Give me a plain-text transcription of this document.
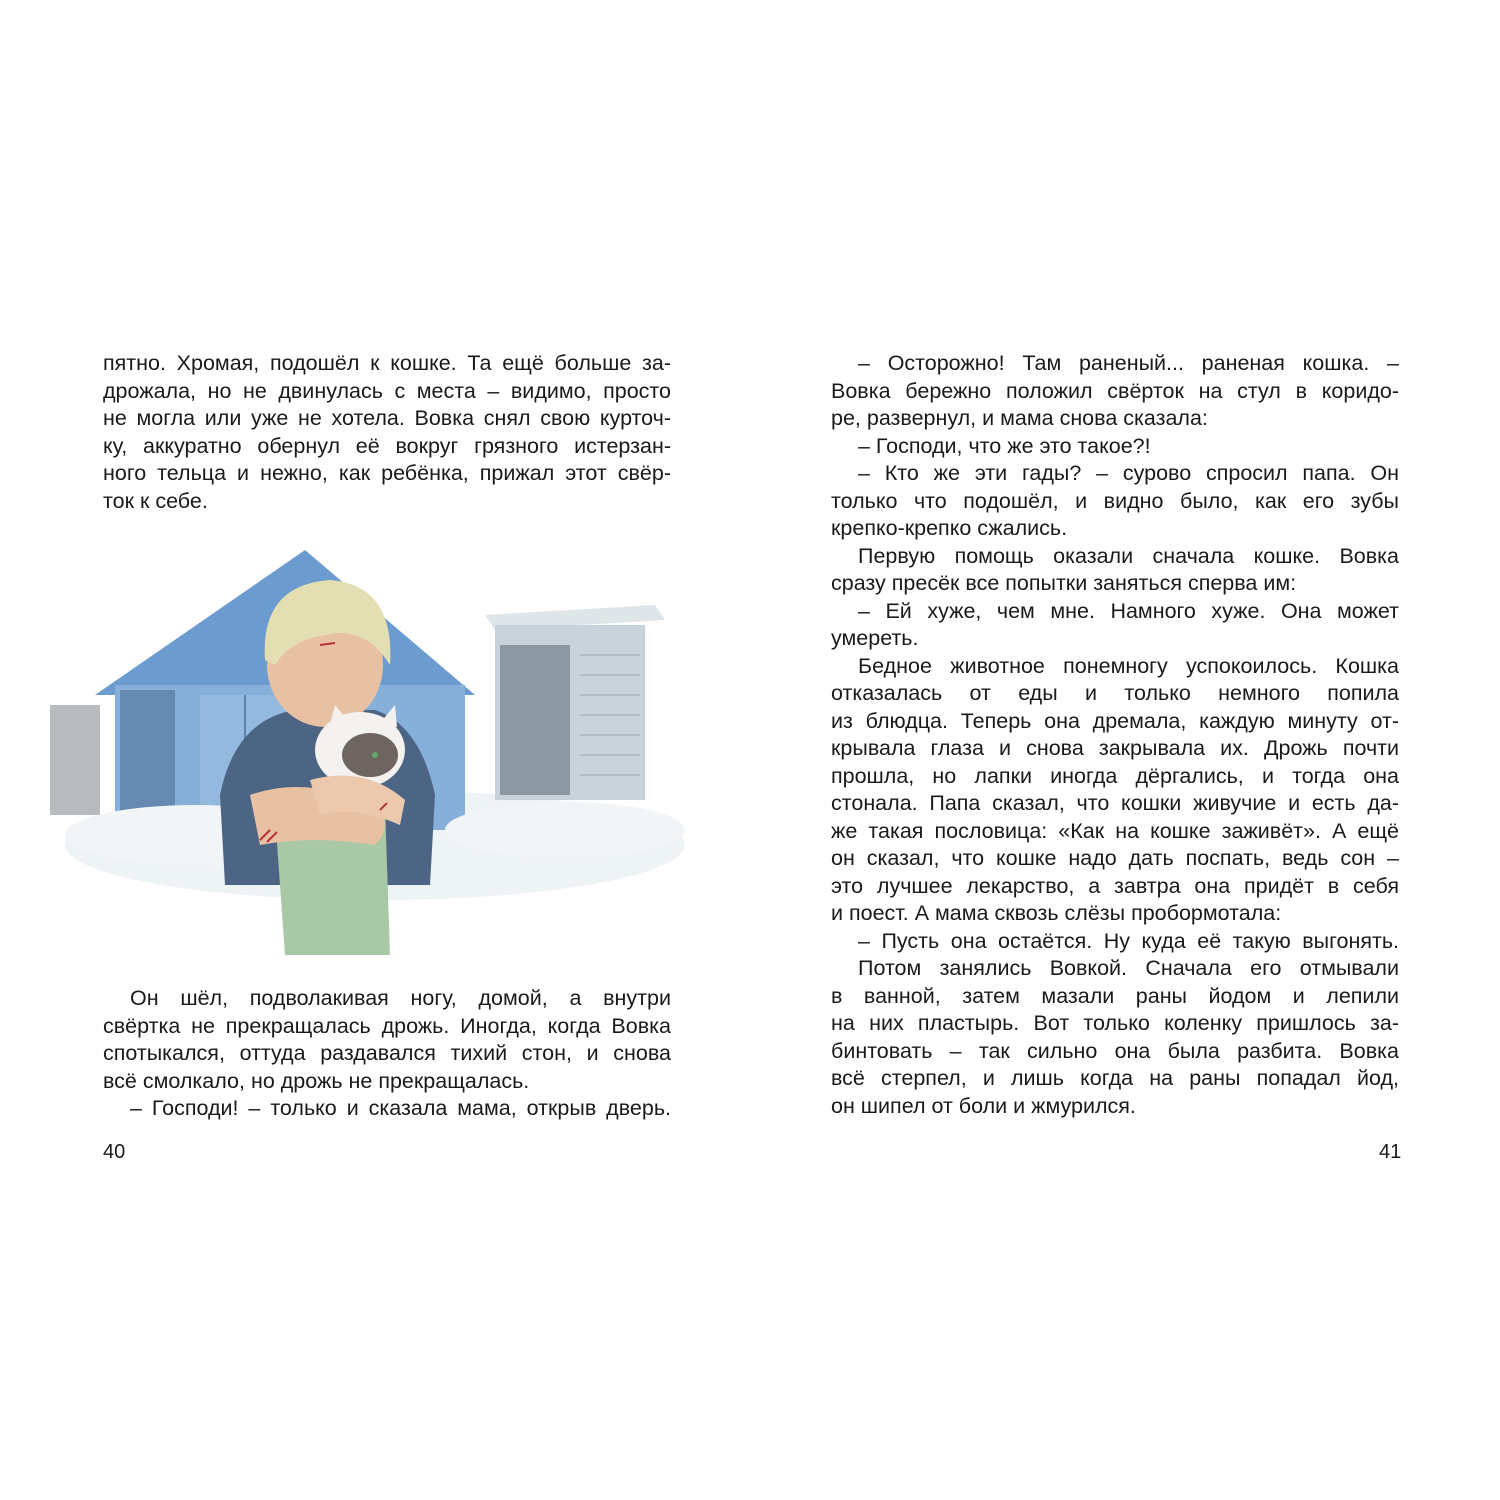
пятно. Хромая, подошёл к кошке. Та ещё больше за-
дрожала, но не двинулась с места – видимо, просто
не могла или уже не хотела. Вовка снял свою курточ-
ку, аккуратно обернул её вокруг грязного истерзан-
ного тельца и нежно, как ребёнка, прижал этот свёр-
ток к себе.
Он шёл, подволакивая ногу, домой, а внутри
свёртка не прекращалась дрожь. Иногда, когда Вовка
спотыкался, оттуда раздавался тихий стон, и снова
всё смолкало, но дрожь не прекращалась.
– Господи! – только и сказала мама, открыв дверь.
40
– Осторожно! Там раненый... раненая кошка. –
Вовка бережно положил свёрток на стул в коридо-
ре, развернул, и мама снова сказала:
– Господи, что же это такое?!
– Кто же эти гады? – сурово спросил папа. Он
только что подошёл, и видно было, как его зубы
крепко-крепко сжались.
Первую помощь оказали сначала кошке. Вовка
сразу пресёк все попытки заняться сперва им:
– Ей хуже, чем мне. Намного хуже. Она может
умереть.
Бедное животное понемногу успокоилось. Кошка
отказалась от еды и только немного попила
из блюдца. Теперь она дремала, каждую минуту от-
крывала глаза и снова закрывала их. Дрожь почти
прошла, но лапки иногда дёргались, и тогда она
стонала. Папа сказал, что кошки живучие и есть да-
же такая пословица: «Как на кошке заживёт». А ещё
он сказал, что кошке надо дать поспать, ведь сон –
это лучшее лекарство, а завтра она придёт в себя
и поест. А мама сквозь слёзы пробормотала:
– Пусть она остаётся. Ну куда её такую выгонять.
Потом занялись Вовкой. Сначала его отмывали
в ванной, затем мазали раны йодом и лепили
на них пластырь. Вот только коленку пришлось за-
бинтовать – так сильно она была разбита. Вовка
всё стерпел, и лишь когда на раны попадал йод,
он шипел от боли и жмурился.
41
